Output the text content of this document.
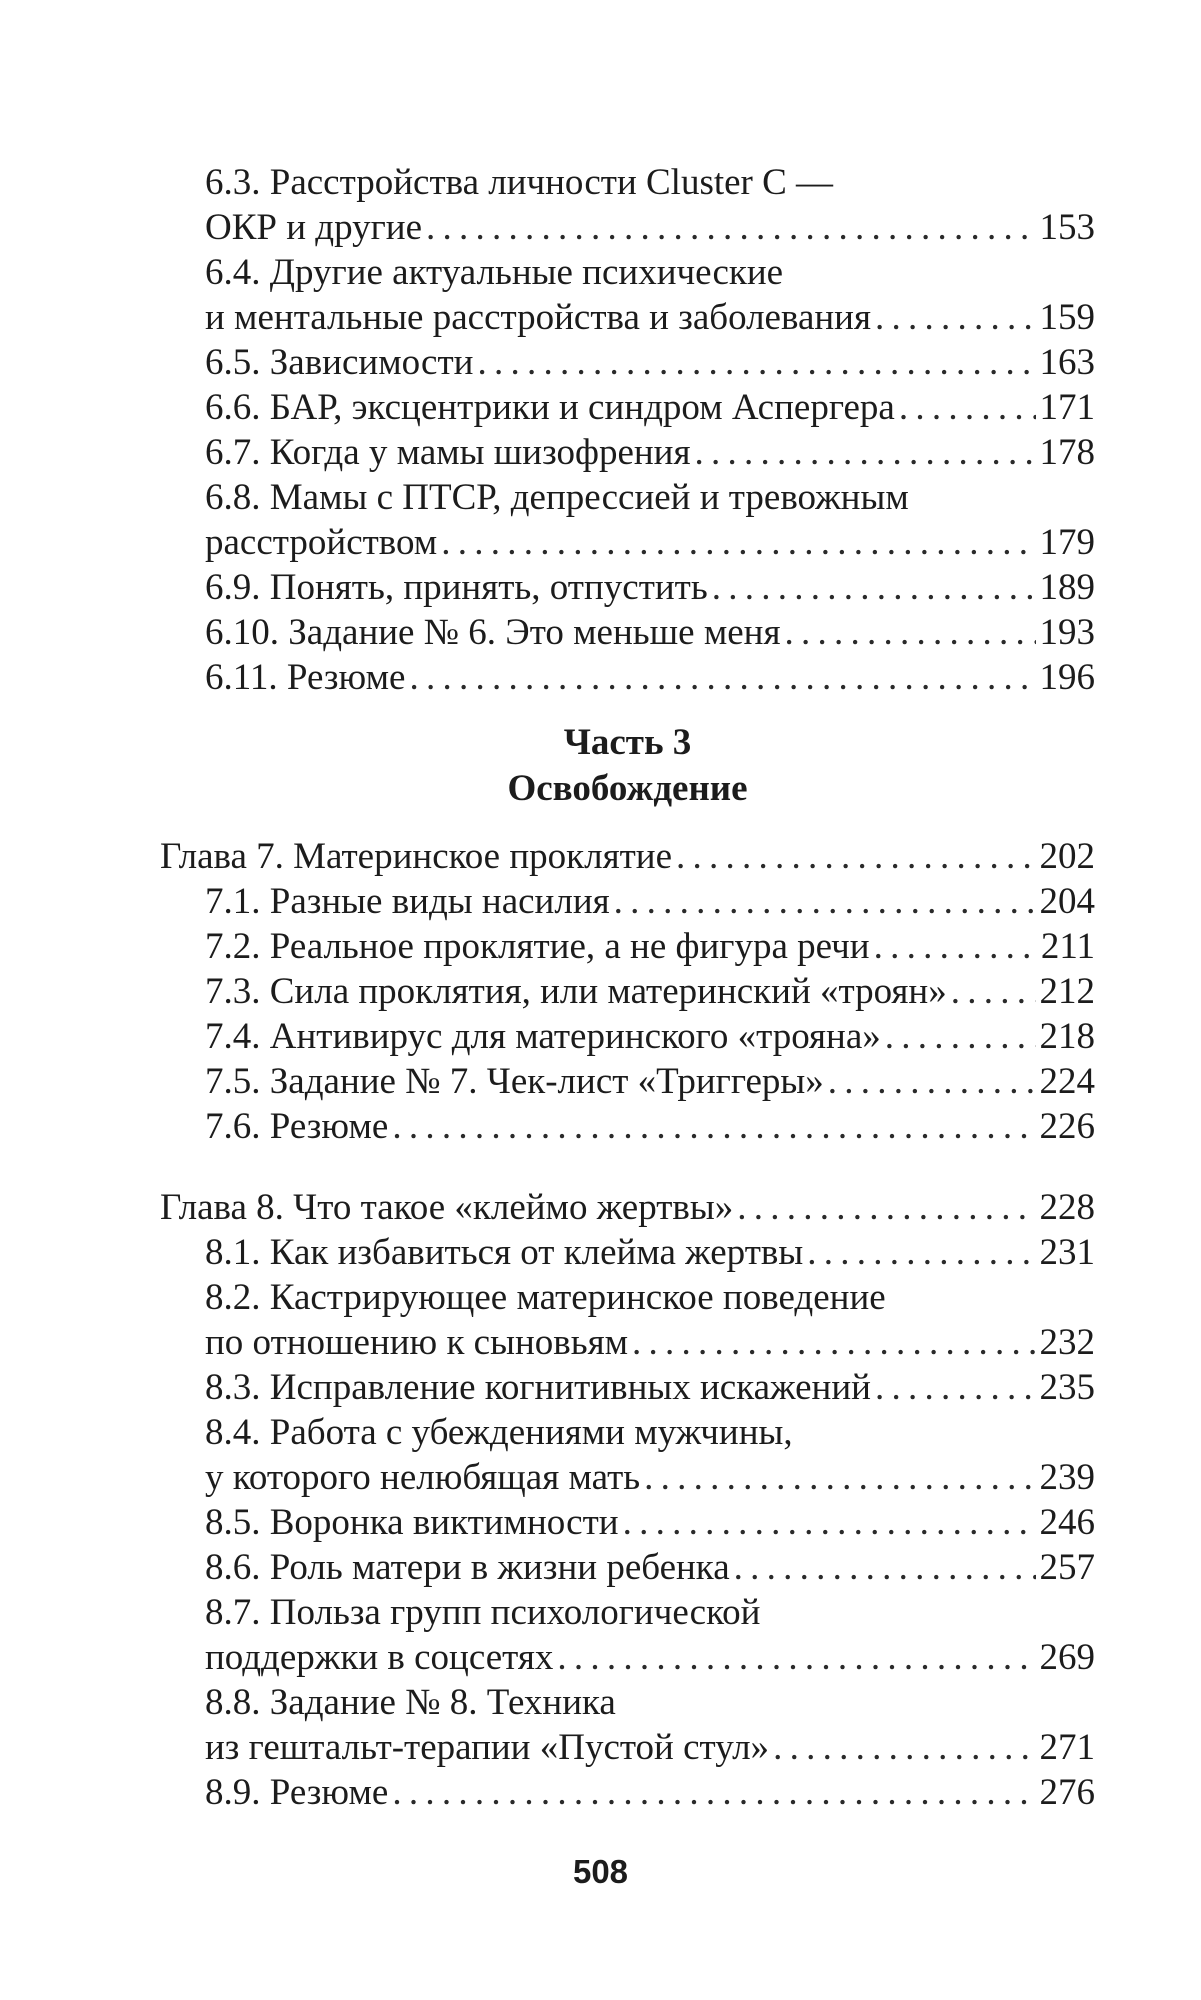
6.3. Расстройства личности Cluster C —
ОКР и другие . . .	153
6.4. Другие актуальные психические
и ментальные расстройства и заболевания . . .	159
6.5. Зависимости . . .	163
6.6. БАР, эксцентрики и синдром Аспергера . . .	171
6.7. Когда у мамы шизофрения . . .	178
6.8. Мамы с ПТСР, депрессией и тревожным
расстройством . . .	179
6.9. Понять, принять, отпустить . . .	189
6.10. Задание № 6. Это меньше меня . . .	193
6.11. Резюме . . .	196
Часть 3
Освобождение
Глава 7. Материнское проклятие . . .	202
7.1. Разные виды насилия . . .	204
7.2. Реальное проклятие, а не фигура речи . . .	211
7.3. Сила проклятия, или материнский «троян» . . .	212
7.4. Антивирус для материнского «трояна» . . .	218
7.5. Задание № 7. Чек-лист «Триггеры» . . .	224
7.6. Резюме . . .	226
Глава 8. Что такое «клеймо жертвы» . . .	228
8.1. Как избавиться от клейма жертвы . . .	231
8.2. Кастрирующее материнское поведение
по отношению к сыновьям . . .	232
8.3. Исправление когнитивных искажений . . .	235
8.4. Работа с убеждениями мужчины,
у которого нелюбящая мать . . .	239
8.5. Воронка виктимности . . .	246
8.6. Роль матери в жизни ребенка . . .	257
8.7. Польза групп психологической
поддержки в соцсетях . . .	269
8.8. Задание № 8. Техника
из гештальт-терапии «Пустой стул» . . .	271
8.9. Резюме . . .	276
508
